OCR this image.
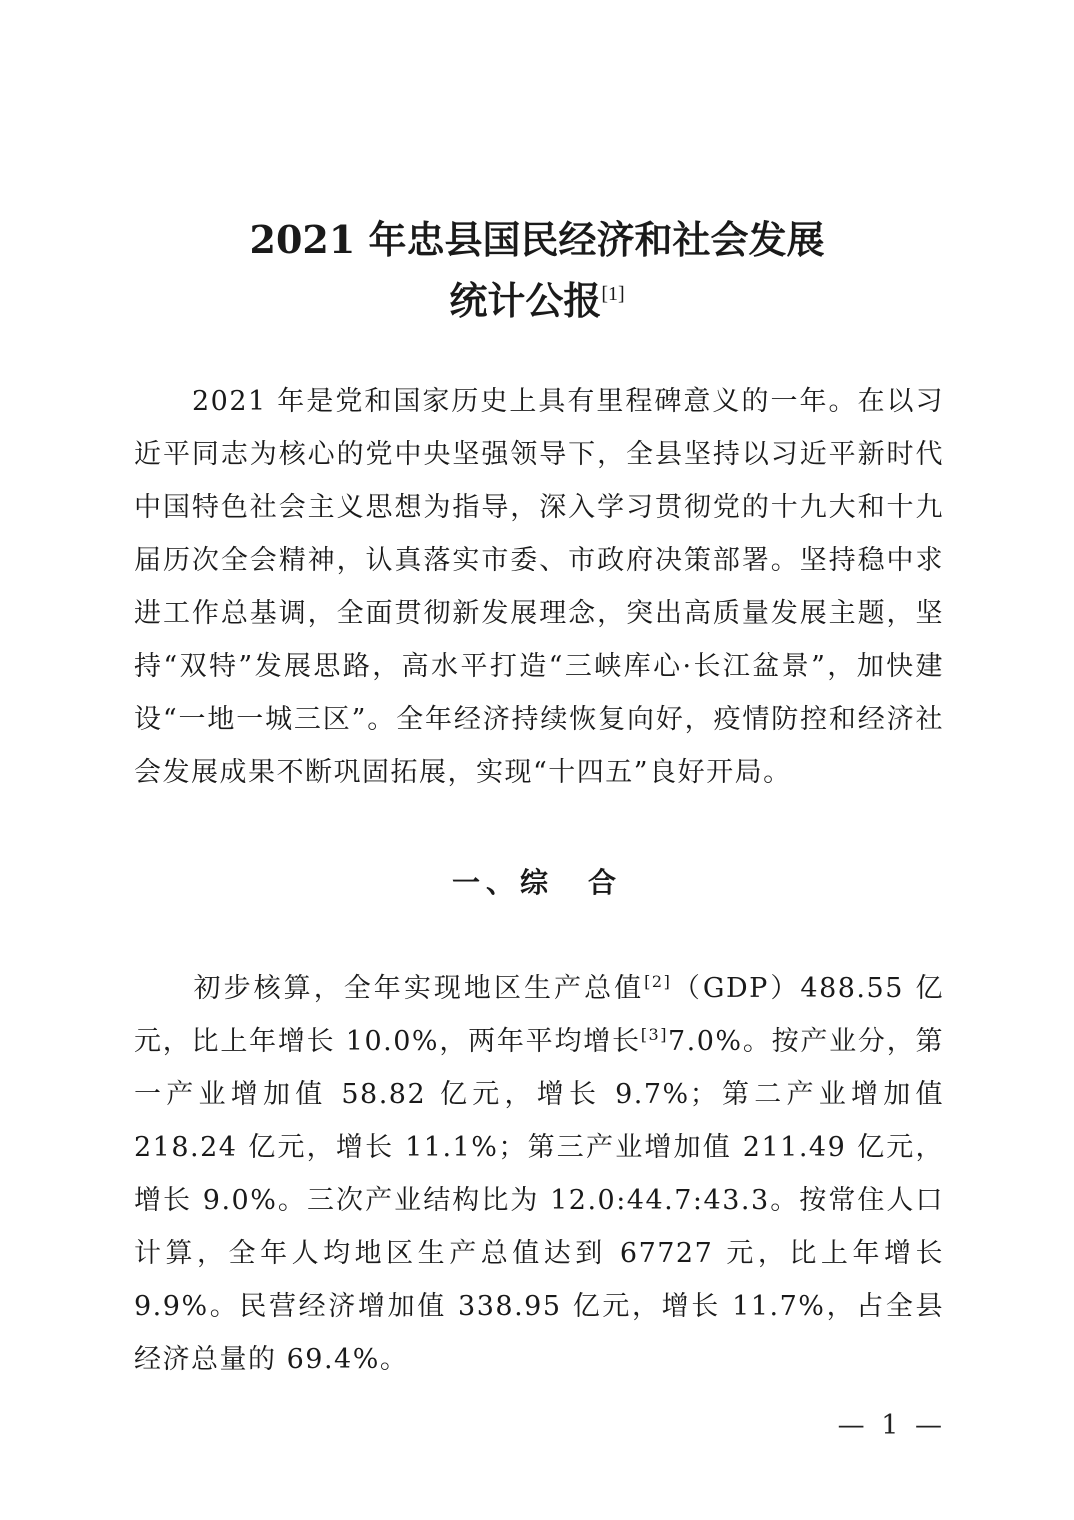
2021 年忠县国民经济和社会发展
统计公报[1]

2021 年是党和国家历史上具有里程碑意义的一年。在以习近平同志为核心的党中央坚强领导下，全县坚持以习近平新时代中国特色社会主义思想为指导，深入学习贯彻党的十九大和十九届历次全会精神，认真落实市委、市政府决策部署。坚持稳中求进工作总基调，全面贯彻新发展理念，突出高质量发展主题，坚持“双特”发展思路，高水平打造“三峡库心·长江盆景”，加快建设“一地一城三区”。全年经济持续恢复向好，疫情防控和经济社会发展成果不断巩固拓展，实现“十四五”良好开局。

一、综　合

初步核算，全年实现地区生产总值[2]（GDP）488.55 亿元，比上年增长 10.0%，两年平均增长[3]7.0%。按产业分，第一产业增加值 58.82 亿元，增长 9.7%；第二产业增加值 218.24 亿元，增长 11.1%；第三产业增加值 211.49 亿元，增长 9.0%。三次产业结构比为 12.0:44.7:43.3。按常住人口计算，全年人均地区生产总值达到 67727 元，比上年增长 9.9%。民营经济增加值 338.95 亿元，增长 11.7%，占全县经济总量的 69.4%。

— 1 —
